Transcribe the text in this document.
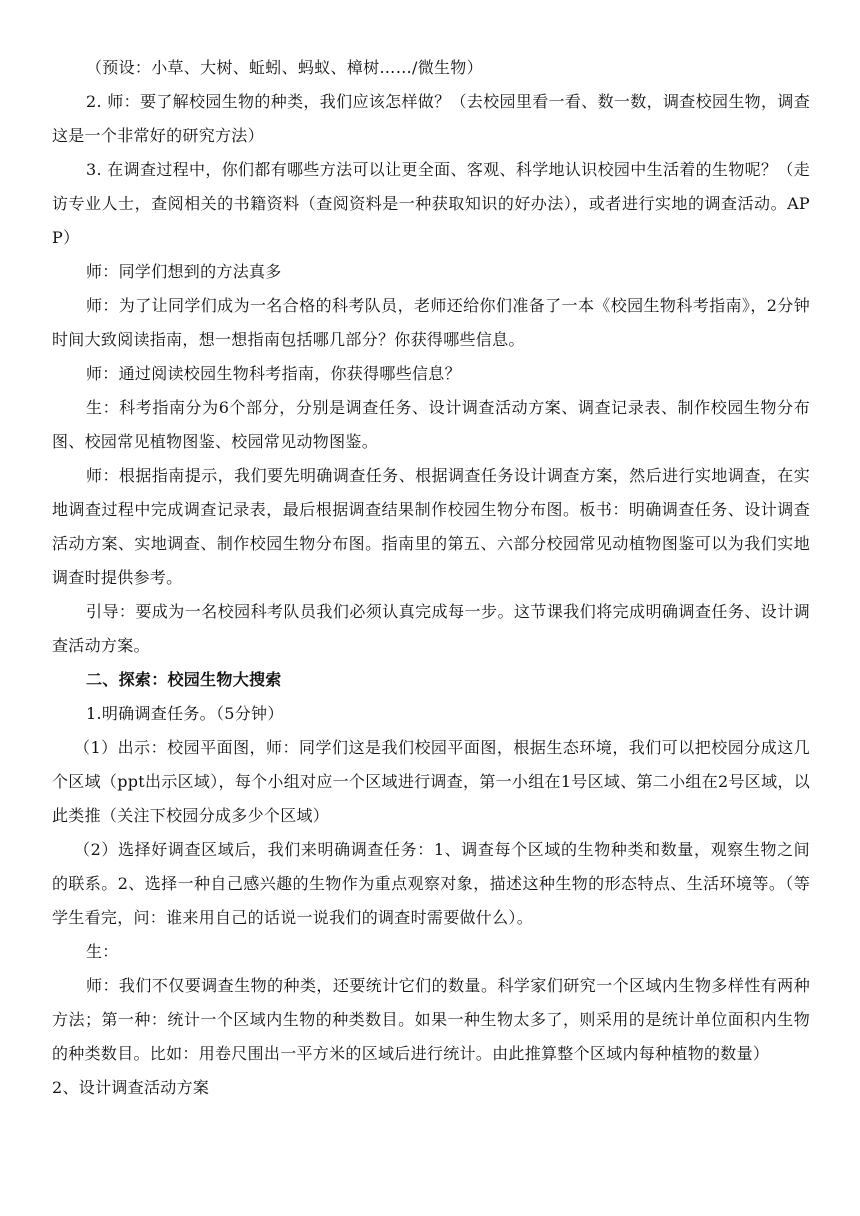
（预设：小草、大树、蚯蚓、蚂蚁、樟树……/微生物）

2. 师：要了解校园生物的种类，我们应该怎样做？（去校园里看一看、数一数，调查校园生物，调查这是一个非常好的研究方法）

3. 在调查过程中，你们都有哪些方法可以让更全面、客观、科学地认识校园中生活着的生物呢？（走访专业人士，查阅相关的书籍资料（查阅资料是一种获取知识的好办法），或者进行实地的调查活动。APP）

师：同学们想到的方法真多

师：为了让同学们成为一名合格的科考队员，老师还给你们准备了一本《校园生物科考指南》，2分钟时间大致阅读指南，想一想指南包括哪几部分？你获得哪些信息。

师：通过阅读校园生物科考指南，你获得哪些信息？

生：科考指南分为6个部分，分别是调查任务、设计调查活动方案、调查记录表、制作校园生物分布图、校园常见植物图鉴、校园常见动物图鉴。

师：根据指南提示，我们要先明确调查任务、根据调查任务设计调查方案，然后进行实地调查，在实地调查过程中完成调查记录表，最后根据调查结果制作校园生物分布图。板书：明确调查任务、设计调查活动方案、实地调查、制作校园生物分布图。指南里的第五、六部分校园常见动植物图鉴可以为我们实地调查时提供参考。

引导：要成为一名校园科考队员我们必须认真完成每一步。这节课我们将完成明确调查任务、设计调查活动方案。

二、探索：校园生物大搜索

1.明确调查任务。（5分钟）

（1）出示：校园平面图，师：同学们这是我们校园平面图，根据生态环境，我们可以把校园分成这几个区域（ppt出示区域），每个小组对应一个区域进行调查，第一小组在1号区域、第二小组在2号区域，以此类推（关注下校园分成多少个区域）

（2）选择好调查区域后，我们来明确调查任务：1、调查每个区域的生物种类和数量，观察生物之间的联系。2、选择一种自己感兴趣的生物作为重点观察对象，描述这种生物的形态特点、生活环境等。（等学生看完，问：谁来用自己的话说一说我们的调查时需要做什么）。

生：

师：我们不仅要调查生物的种类，还要统计它们的数量。科学家们研究一个区域内生物多样性有两种方法；第一种：统计一个区域内生物的种类数目。如果一种生物太多了，则采用的是统计单位面积内生物的种类数目。比如：用卷尺围出一平方米的区域后进行统计。由此推算整个区域内每种植物的数量）

2、设计调查活动方案
